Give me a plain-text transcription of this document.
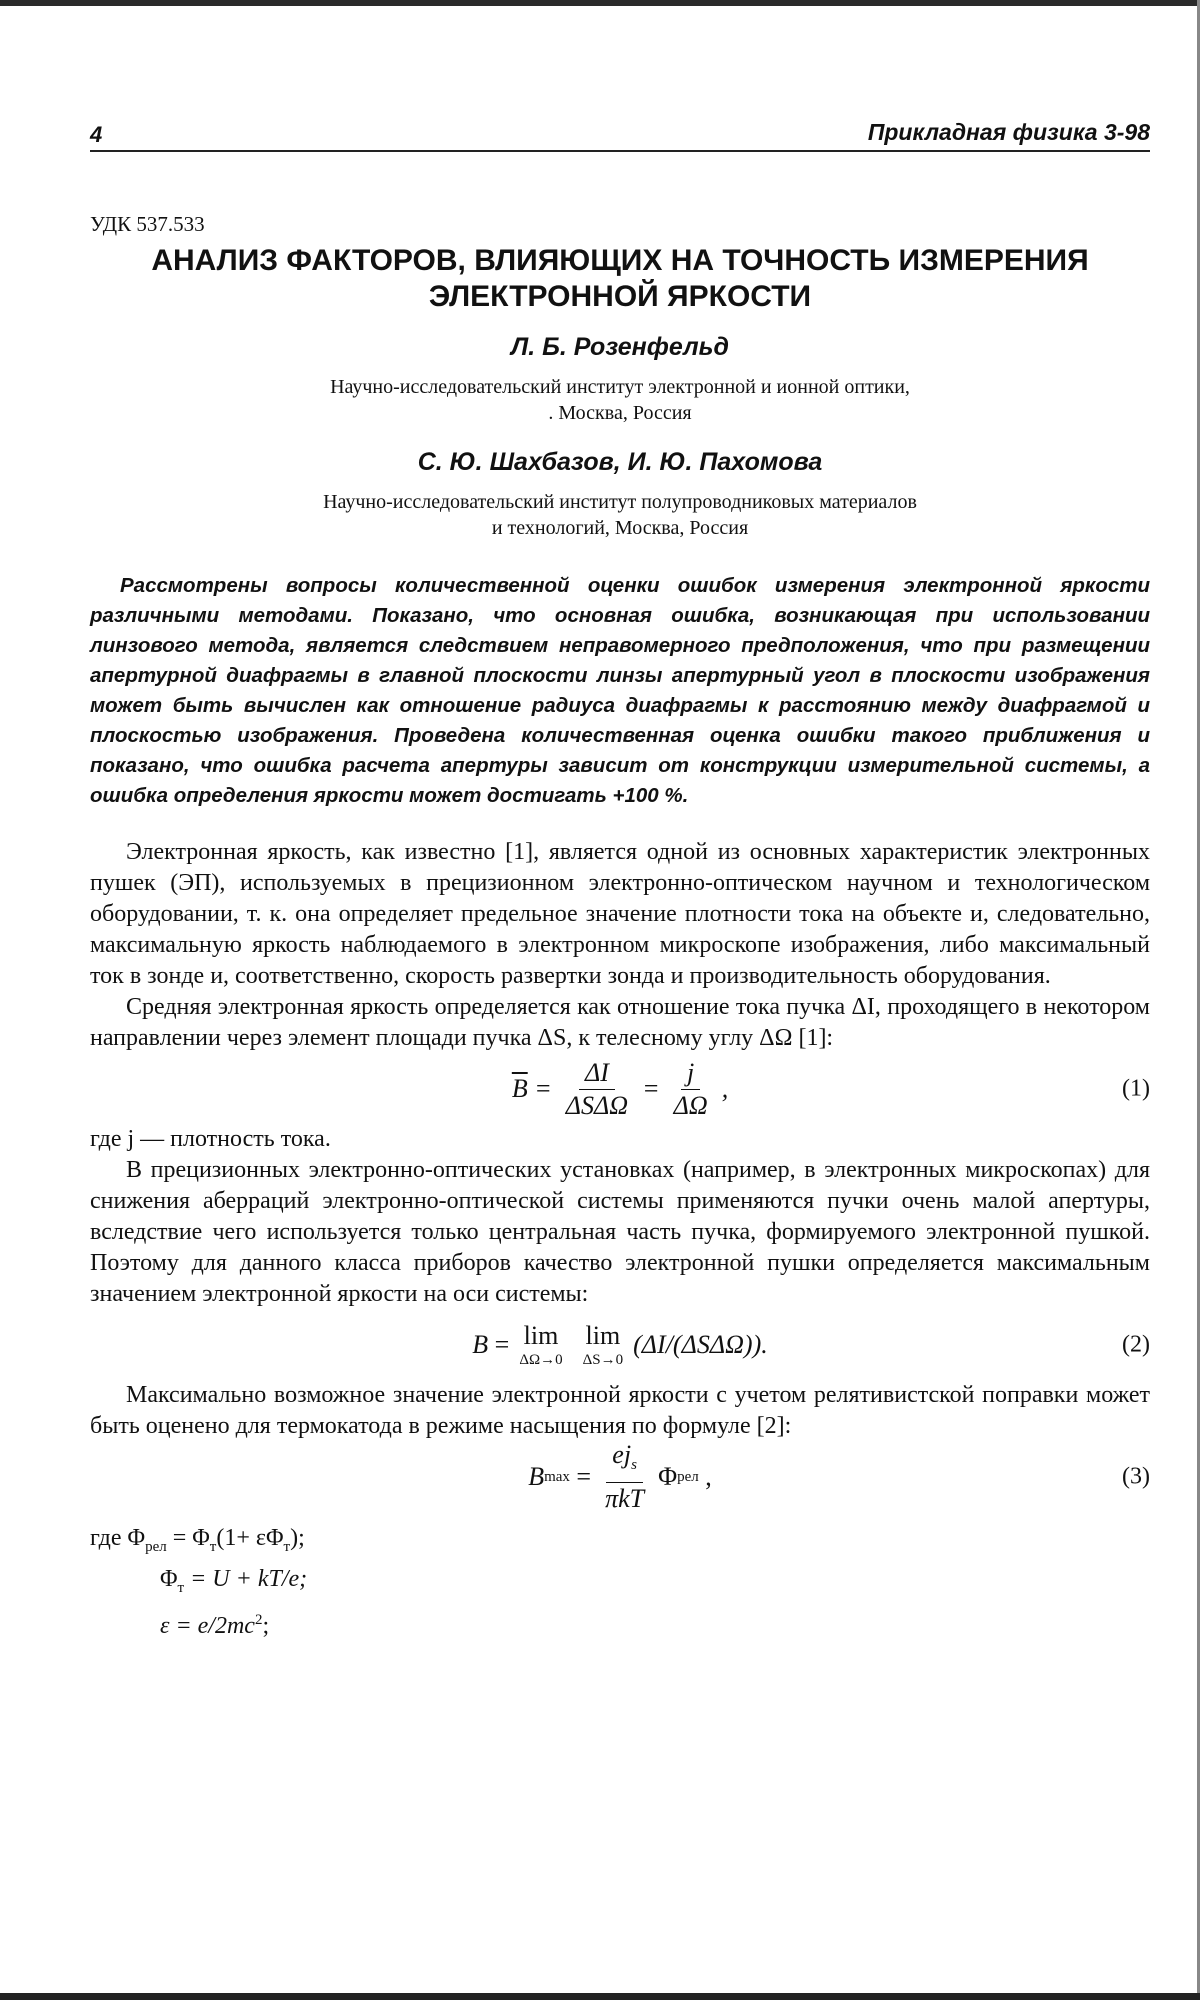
4	Прикладная физика 3-98
УДК 537.533
АНАЛИЗ ФАКТОРОВ, ВЛИЯЮЩИХ НА ТОЧНОСТЬ ИЗМЕРЕНИЯ
ЭЛЕКТРОННОЙ ЯРКОСТИ
Л. Б. Розенфельд
Научно-исследовательский институт электронной и ионной оптики,
. Москва, Россия
С. Ю. Шахбазов, И. Ю. Пахомова
Научно-исследовательский институт полупроводниковых материалов
и технологий, Москва, Россия
Рассмотрены вопросы количественной оценки ошибок измерения электронной яркости различными методами. Показано, что основная ошибка, возникающая при использовании линзового метода, является следствием неправомерного предположения, что при размещении апертурной диафрагмы в главной плоскости линзы апертурный угол в плоскости изображения может быть вычислен как отношение радиуса диафрагмы к расстоянию между диафрагмой и плоскостью изображения. Проведена количественная оценка ошибки такого приближения и показано, что ошибка расчета апертуры зависит от конструкции измерительной системы, а ошибка определения яркости может достигать +100 %.

Электронная яркость, как известно [1], является одной из основных характеристик электронных пушек (ЭП), используемых в прецизионном электронно-оптическом научном и технологическом оборудовании, т. к. она определяет предельное значение плотности тока на объекте и, следовательно, максимальную яркость наблюдаемого в электронном микроскопе изображения, либо максимальный ток в зонде и, соответственно, скорость развертки зонда и производительность оборудования.

Средняя электронная яркость определяется как отношение тока пучка ΔI, проходящего в некотором направлении через элемент площади пучка ΔS, к телесному углу ΔΩ [1]:

$\overline{B} = \frac{\Delta I}{\text{ΔSΔΩ}} = \frac{j}{\Delta\Omega}$ ,	(1)

где j — плотность тока.

В прецизионных электронно-оптических установках (например, в электронных микроскопах) для снижения аберраций электронно-оптической системы применяются пучки очень малой апертуры, вследствие чего используется только центральная часть пучка, формируемого электронной пушкой. Поэтому для данного класса приборов качество электронной пушки определяется максимальным значением электронной яркости на оси системы:

B = lim
ΔΩ→0
lim
ΔS→0
(ΔI/(ΔSΔΩ)).	(2)

Максимально возможное значение электронной яркости с учетом релятивистской поправки может быть оценено для термокатода в режиме насыщения по формуле [2]:

B $\max = \frac{ej_s}{\text{πkT}}$ Φ рел ,	(3)
где $\Phi_{рел} = \Phi_т(1+ \varepsilon\Phi_т)$;
$\Phi_т = U + kT/e$;
$\varepsilon = e/2mc^2$;
